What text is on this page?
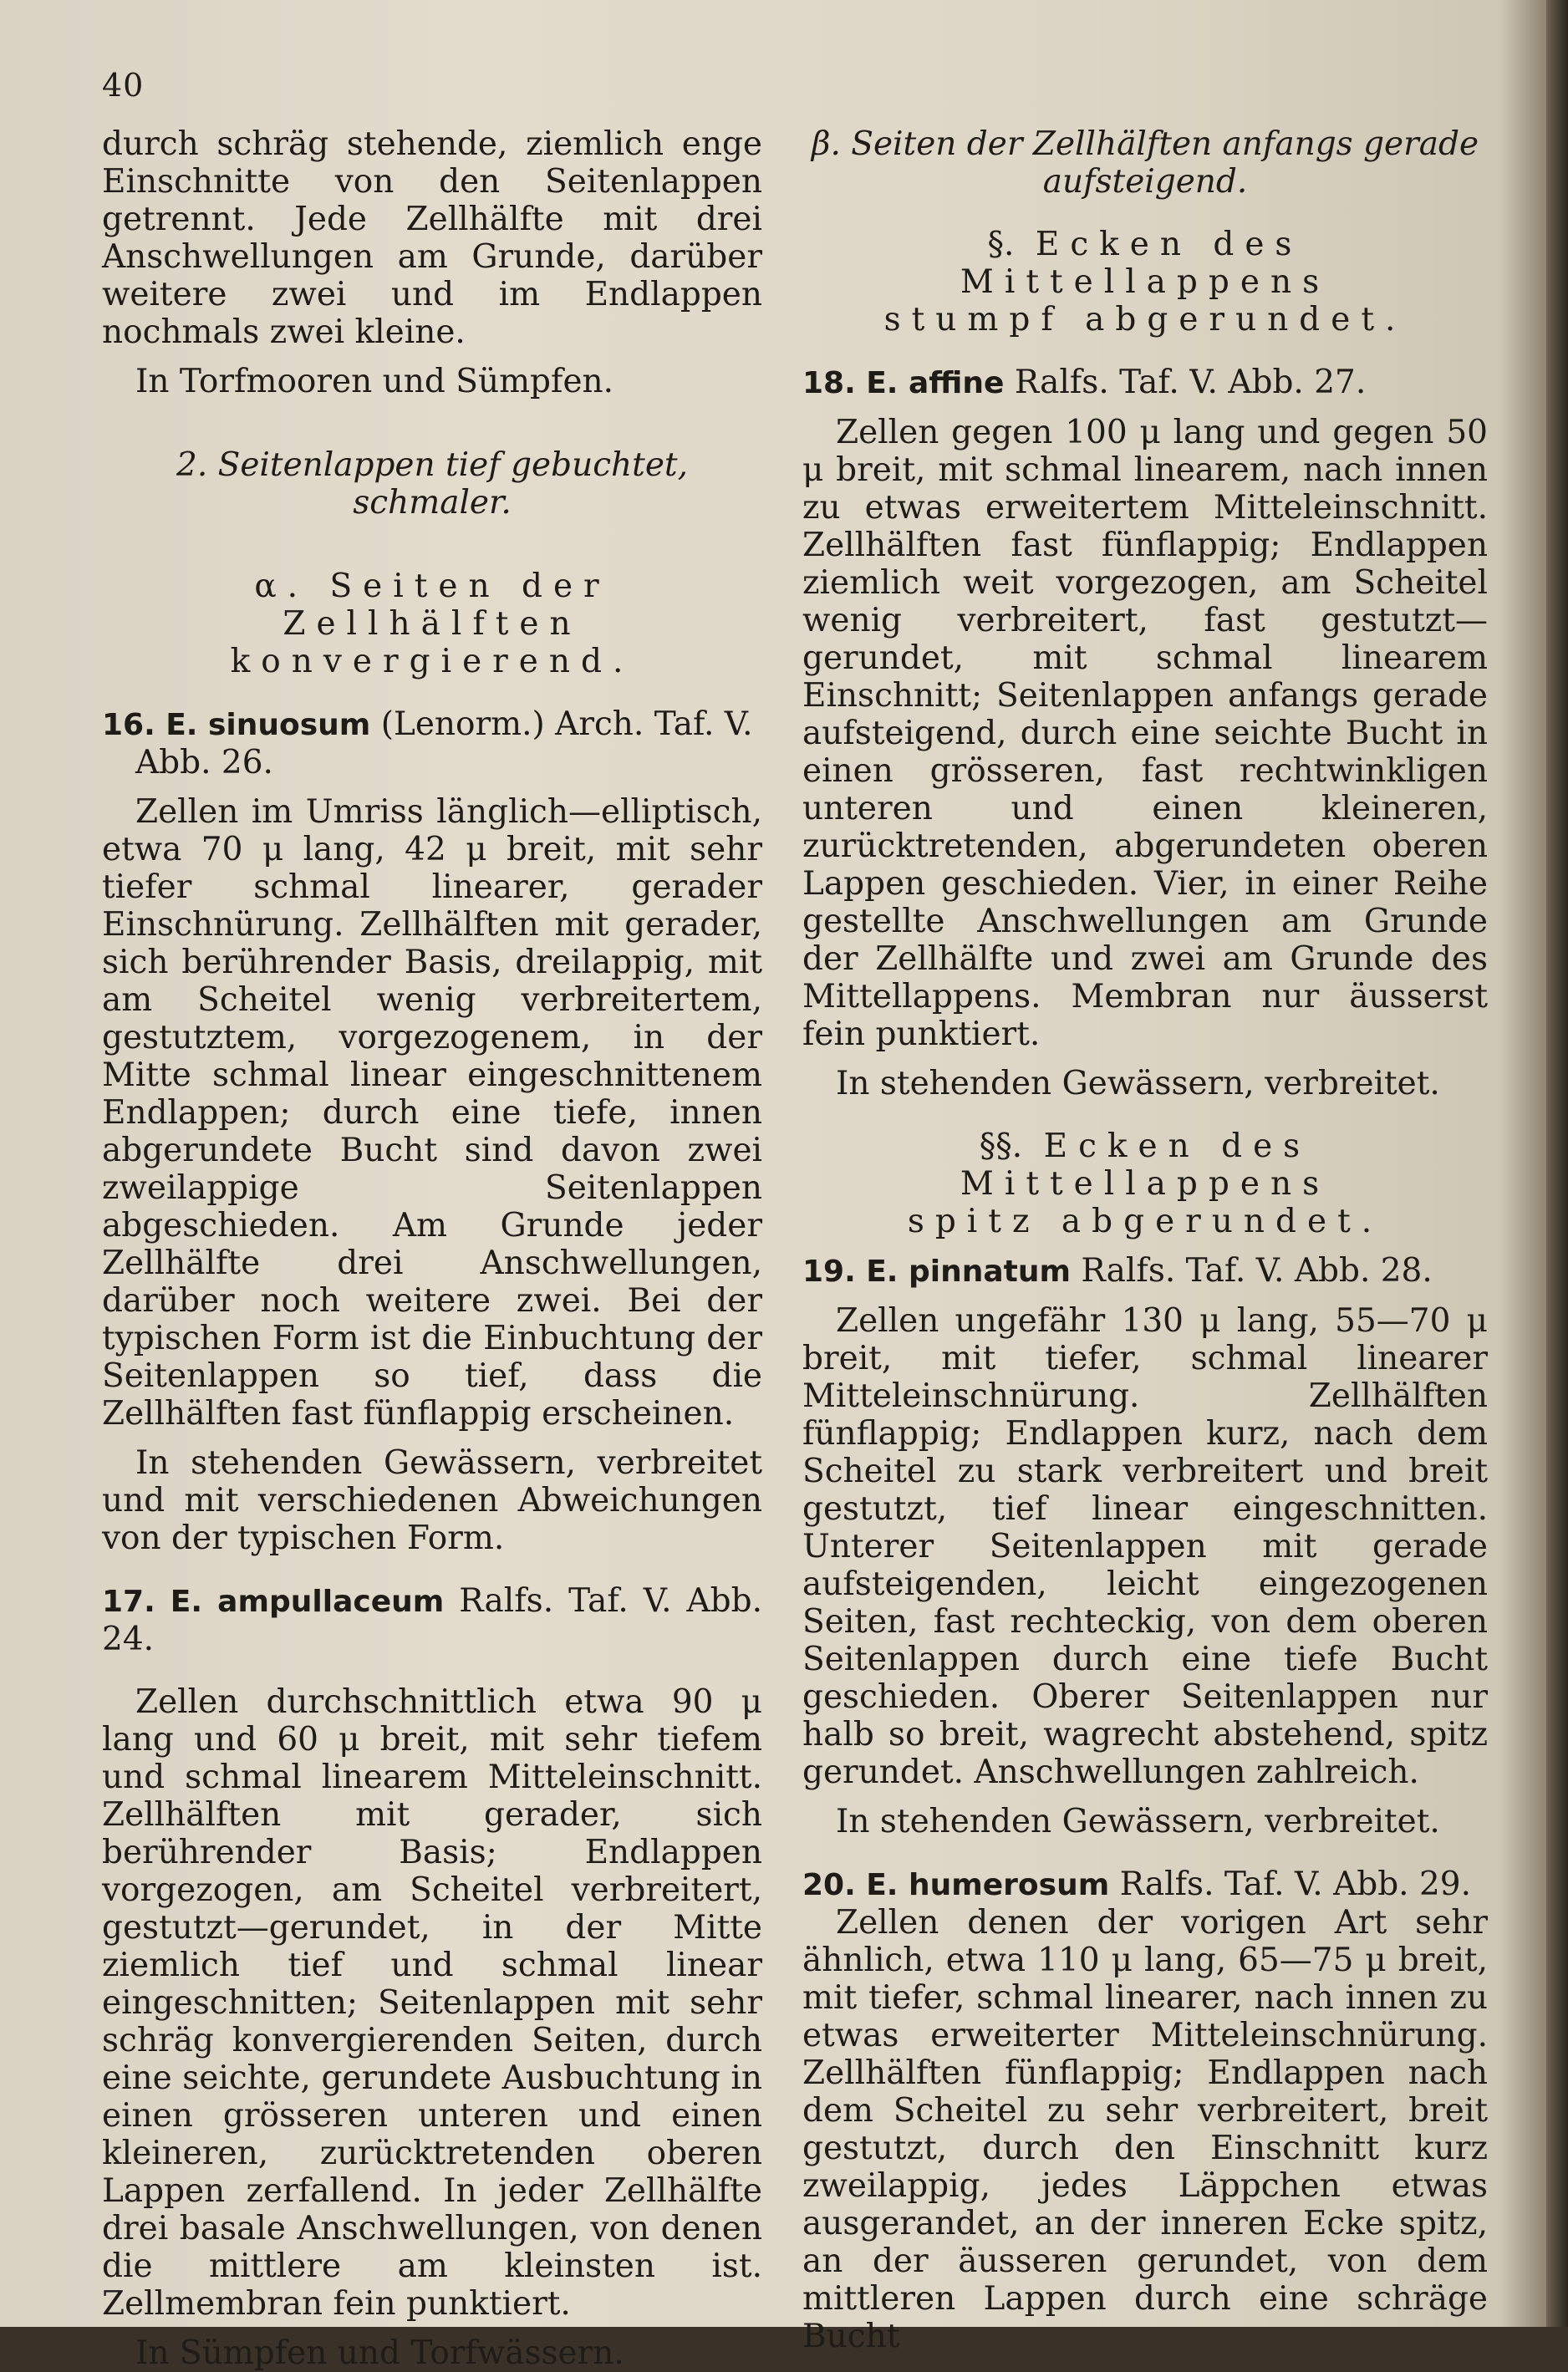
40

durch schräg stehende, ziemlich enge Einschnitte von den Seitenlappen getrennt. Jede Zellhälfte mit drei Anschwellungen am Grunde, darüber weitere zwei und im Endlappen nochmals zwei kleine.

In Torfmooren und Sümpfen.

2. Seitenlappen tief gebuchtet, schmaler.

α. Seiten der Zellhälften

konvergierend.

16. E. sinuosum (Lenorm.) Arch. Taf. V. Abb. 26.

Zellen im Umriss länglich—elliptisch, etwa 70 μ lang, 42 μ breit, mit sehr tiefer schmal linearer, gerader Einschnürung. Zellhälften mit gerader, sich berührender Basis, dreilappig, mit am Scheitel wenig verbreitertem, gestutztem, vorgezogenem, in der Mitte schmal linear eingeschnittenem Endlappen; durch eine tiefe, innen abgerundete Bucht sind davon zwei zweilappige Seitenlappen abgeschieden. Am Grunde jeder Zellhälfte drei Anschwellungen, darüber noch weitere zwei. Bei der typischen Form ist die Einbuchtung der Seitenlappen so tief, dass die Zellhälften fast fünflappig erscheinen.

In stehenden Gewässern, verbreitet und mit verschiedenen Abweichungen von der typischen Form.

17. E. ampullaceum Ralfs. Taf. V. Abb. 24.

Zellen durchschnittlich etwa 90 μ lang und 60 μ breit, mit sehr tiefem und schmal linearem Mitteleinschnitt. Zellhälften mit gerader, sich berührender Basis; Endlappen vorgezogen, am Scheitel verbreitert, gestutzt—gerundet, in der Mitte ziemlich tief und schmal linear eingeschnitten; Seitenlappen mit sehr schräg konvergierenden Seiten, durch eine seichte, gerundete Ausbuchtung in einen grösseren unteren und einen kleineren, zurücktretenden oberen Lappen zerfallend. In jeder Zellhälfte drei basale Anschwellungen, von denen die mittlere am kleinsten ist. Zellmembran fein punktiert.

In Sümpfen und Torfwässern.

β. Seiten der Zellhälften anfangs gerade

aufsteigend.

§. Ecken des Mittellappens

stumpf abgerundet.

18. E. affine Ralfs. Taf. V. Abb. 27.

Zellen gegen 100 μ lang und gegen 50 μ breit, mit schmal linearem, nach innen zu etwas erweitertem Mitteleinschnitt. Zellhälften fast fünflappig; Endlappen ziemlich weit vorgezogen, am Scheitel wenig verbreitert, fast gestutzt—gerundet, mit schmal linearem Einschnitt; Seitenlappen anfangs gerade aufsteigend, durch eine seichte Bucht in einen grösseren, fast rechtwinkligen unteren und einen kleineren, zurücktretenden, abgerundeten oberen Lappen geschieden. Vier, in einer Reihe gestellte Anschwellungen am Grunde der Zellhälfte und zwei am Grunde des Mittellappens. Membran nur äusserst fein punktiert.

In stehenden Gewässern, verbreitet.

§§. Ecken des Mittellappens

spitz abgerundet.

19. E. pinnatum Ralfs. Taf. V. Abb. 28.

Zellen ungefähr 130 μ lang, 55—70 μ breit, mit tiefer, schmal linearer Mitteleinschnürung. Zellhälften fünflappig; Endlappen kurz, nach dem Scheitel zu stark verbreitert und breit gestutzt, tief linear eingeschnitten. Unterer Seitenlappen mit gerade aufsteigenden, leicht eingezogenen Seiten, fast rechteckig, von dem oberen Seitenlappen durch eine tiefe Bucht geschieden. Oberer Seitenlappen nur halb so breit, wagrecht abstehend, spitz gerundet. Anschwellungen zahlreich.

In stehenden Gewässern, verbreitet.

20. E. humerosum Ralfs. Taf. V. Abb. 29.

Zellen denen der vorigen Art sehr ähnlich, etwa 110 μ lang, 65—75 μ breit, mit tiefer, schmal linearer, nach innen zu etwas erweiterter Mitteleinschnürung. Zellhälften fünflappig; Endlappen nach dem Scheitel zu sehr verbreitert, breit gestutzt, durch den Einschnitt kurz zweilappig, jedes Läppchen etwas ausgerandet, an der inneren Ecke spitz, an der äusseren gerundet, von dem mittleren Lappen durch eine schräge Bucht
